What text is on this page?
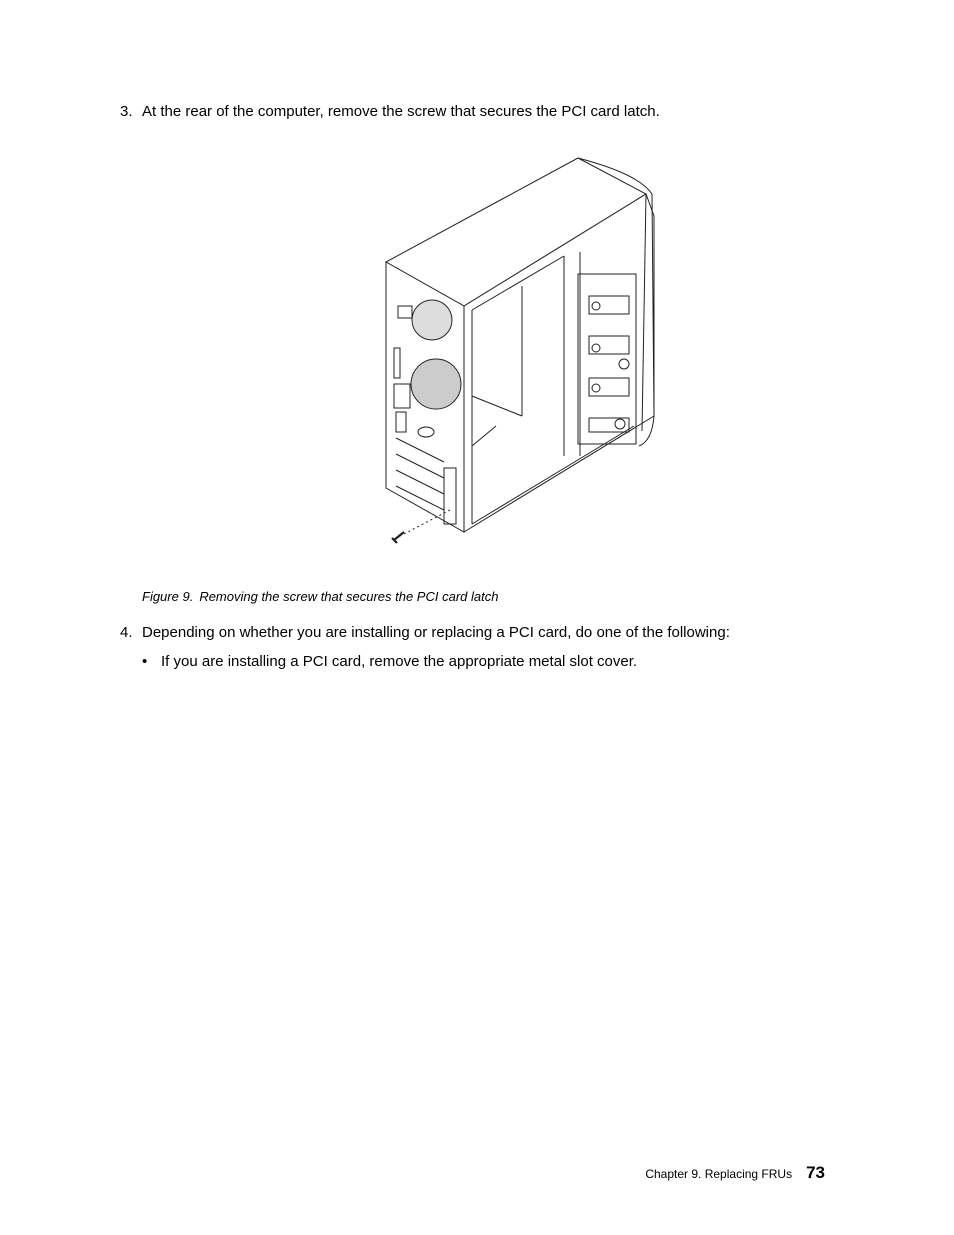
3. At the rear of the computer, remove the screw that secures the PCI card latch.
Figure 9. Removing the screw that secures the PCI card latch
4. Depending on whether you are installing or replacing a PCI card, do one of the following:
• If you are installing a PCI card, remove the appropriate metal slot cover.
Chapter 9. Replacing FRUs 73
